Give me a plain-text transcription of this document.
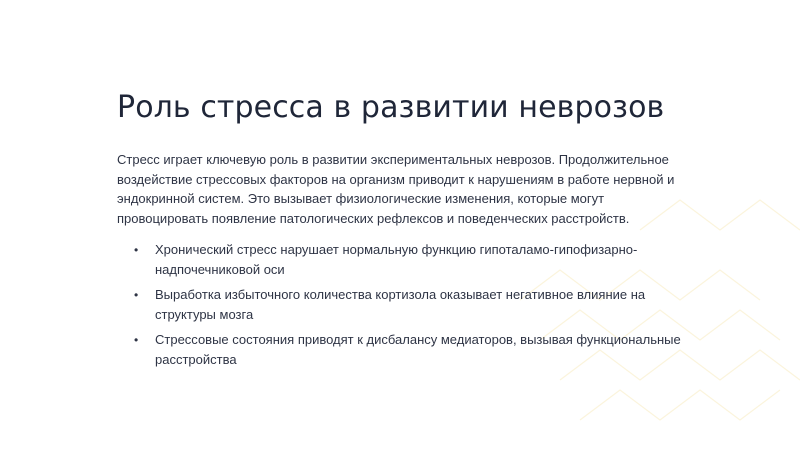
Роль стресса в развитии неврозов

Стресс играет ключевую роль в развитии экспериментальных неврозов. Продолжительное воздействие стрессовых факторов на организм приводит к нарушениям в работе нервной и эндокринной систем. Это вызывает физиологические изменения, которые могут провоцировать появление патологических рефлексов и поведенческих расстройств.

• Хронический стресс нарушает нормальную функцию гипоталамо-гипофизарно-надпочечниковой оси
• Выработка избыточного количества кортизола оказывает негативное влияние на структуры мозга
• Стрессовые состояния приводят к дисбалансу медиаторов, вызывая функциональные расстройства
